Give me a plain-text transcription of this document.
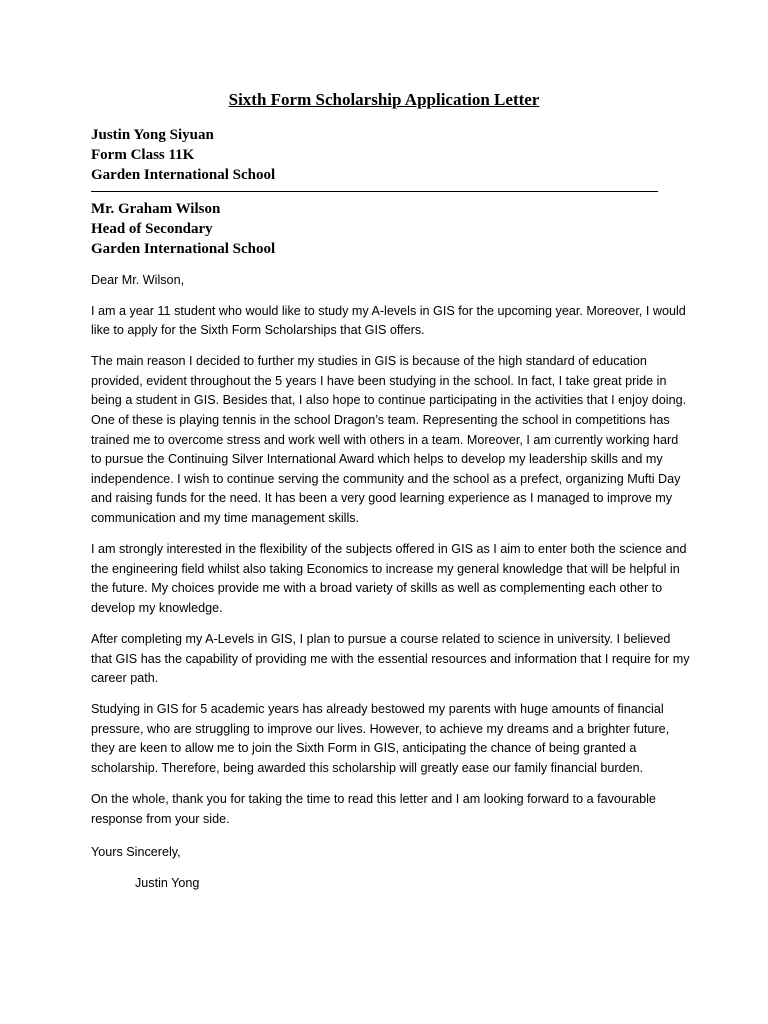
Sixth Form Scholarship Application Letter
Justin Yong Siyuan
Form Class 11K
Garden International School
Mr. Graham Wilson
Head of Secondary
Garden International School

Dear Mr. Wilson,

I am a year 11 student who would like to study my A-levels in GIS for the upcoming year. Moreover, I would like to apply for the Sixth Form Scholarships that GIS offers.

The main reason I decided to further my studies in GIS is because of the high standard of education provided, evident throughout the 5 years I have been studying in the school. In fact, I take great pride in being a student in GIS. Besides that, I also hope to continue participating in the activities that I enjoy doing. One of these is playing tennis in the school Dragon’s team. Representing the school in competitions has trained me to overcome stress and work well with others in a team. Moreover, I am currently working hard to pursue the Continuing Silver International Award which helps to develop my leadership skills and my independence. I wish to continue serving the community and the school as a prefect, organizing Mufti Day and raising funds for the need. It has been a very good learning experience as I managed to improve my communication and my time management skills.

I am strongly interested in the flexibility of the subjects offered in GIS as I aim to enter both the science and the engineering field whilst also taking Economics to increase my general knowledge that will be helpful in the future. My choices provide me with a broad variety of skills as well as complementing each other to develop my knowledge.

After completing my A-Levels in GIS, I plan to pursue a course related to science in university. I believed that GIS has the capability of providing me with the essential resources and information that I require for my career path.

Studying in GIS for 5 academic years has already bestowed my parents with huge amounts of financial pressure, who are struggling to improve our lives. However, to achieve my dreams and a brighter future, they are keen to allow me to join the Sixth Form in GIS, anticipating the chance of being granted a scholarship. Therefore, being awarded this scholarship will greatly ease our family financial burden.

On the whole, thank you for taking the time to read this letter and I am looking forward to a favourable response from your side.

Yours Sincerely,

Justin Yong
